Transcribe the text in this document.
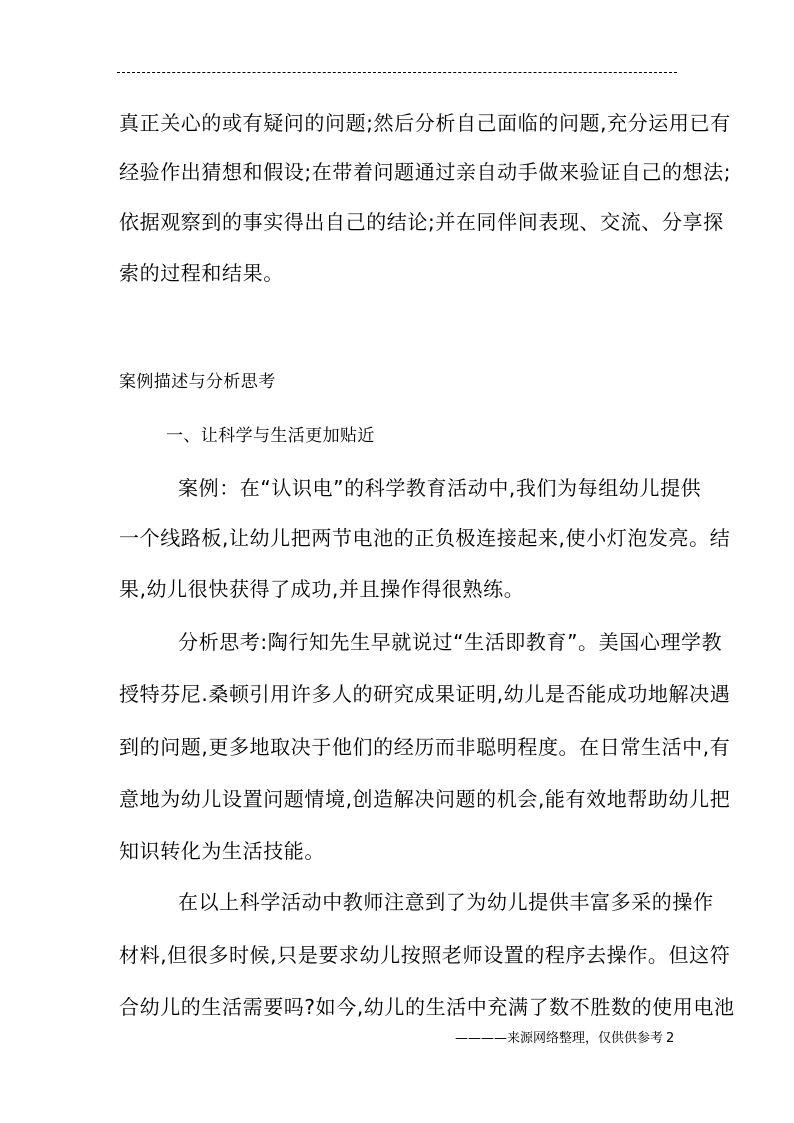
真正关心的或有疑问的问题;然后分析自己面临的问题,充分运用已有
经验作出猜想和假设;在带着问题通过亲自动手做来验证自己的想法;
依据观察到的事实得出自己的结论;并在同伴间表现、交流、分享探
索的过程和结果。
案例描述与分析思考
一、让科学与生活更加贴近
案例：在“认识电”的科学教育活动中,我们为每组幼儿提供
一个线路板,让幼儿把两节电池的正负极连接起来,使小灯泡发亮。结
果,幼儿很快获得了成功,并且操作得很熟练。
分析思考:陶行知先生早就说过“生活即教育”。美国心理学教
授特芬尼.桑顿引用许多人的研究成果证明,幼儿是否能成功地解决遇
到的问题,更多地取决于他们的经历而非聪明程度。在日常生活中,有
意地为幼儿设置问题情境,创造解决问题的机会,能有效地帮助幼儿把
知识转化为生活技能。
在以上科学活动中教师注意到了为幼儿提供丰富多采的操作
材料,但很多时候,只是要求幼儿按照老师设置的程序去操作。但这符
合幼儿的生活需要吗?如今,幼儿的生活中充满了数不胜数的使用电池
————来源网络整理，仅供供参考 2
